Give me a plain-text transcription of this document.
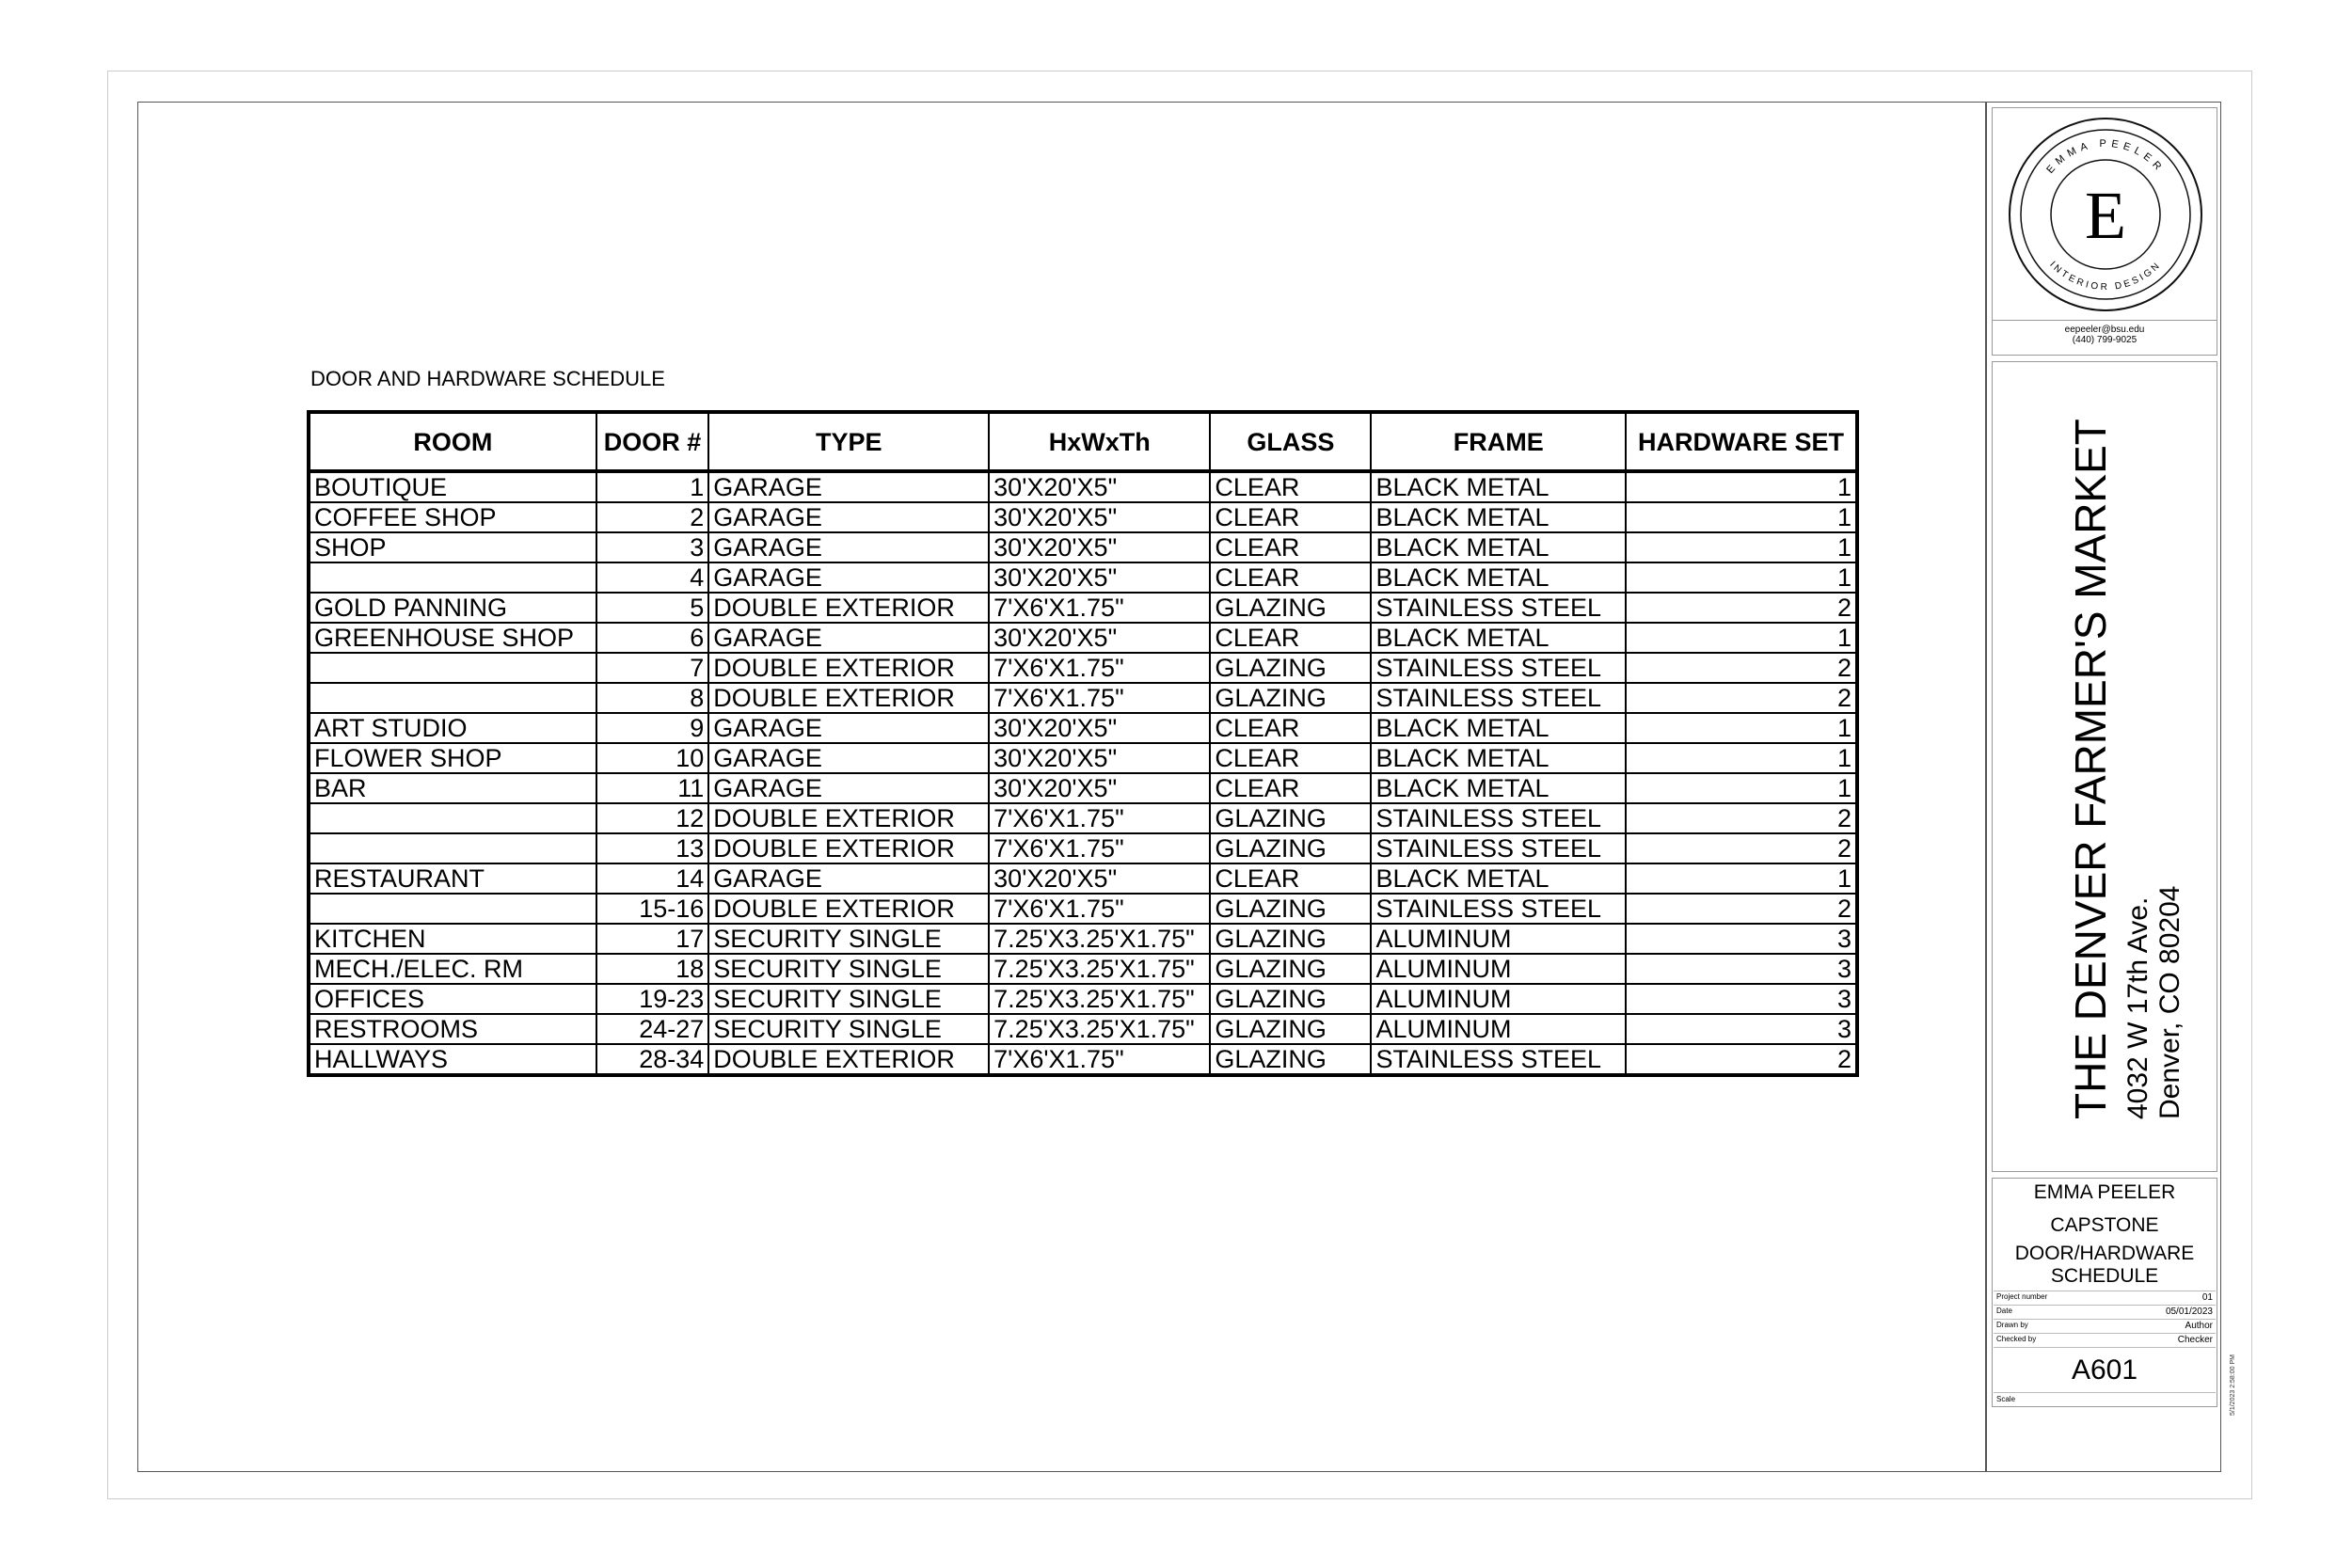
DOOR AND HARDWARE SCHEDULE
ROOM	DOOR #	TYPE	HxWxTh	GLASS	FRAME	HARDWARE SET
BOUTIQUE	1	GARAGE	30'X20'X5"	CLEAR	BLACK METAL	1
COFFEE SHOP	2	GARAGE	30'X20'X5"	CLEAR	BLACK METAL	1
SHOP	3	GARAGE	30'X20'X5"	CLEAR	BLACK METAL	1
	4	GARAGE	30'X20'X5"	CLEAR	BLACK METAL	1
GOLD PANNING	5	DOUBLE EXTERIOR	7'X6'X1.75"	GLAZING	STAINLESS STEEL	2
GREENHOUSE SHOP	6	GARAGE	30'X20'X5"	CLEAR	BLACK METAL	1
	7	DOUBLE EXTERIOR	7'X6'X1.75"	GLAZING	STAINLESS STEEL	2
	8	DOUBLE EXTERIOR	7'X6'X1.75"	GLAZING	STAINLESS STEEL	2
ART STUDIO	9	GARAGE	30'X20'X5"	CLEAR	BLACK METAL	1
FLOWER SHOP	10	GARAGE	30'X20'X5"	CLEAR	BLACK METAL	1
BAR	11	GARAGE	30'X20'X5"	CLEAR	BLACK METAL	1
	12	DOUBLE EXTERIOR	7'X6'X1.75"	GLAZING	STAINLESS STEEL	2
	13	DOUBLE EXTERIOR	7'X6'X1.75"	GLAZING	STAINLESS STEEL	2
RESTAURANT	14	GARAGE	30'X20'X5"	CLEAR	BLACK METAL	1
	15-16	DOUBLE EXTERIOR	7'X6'X1.75"	GLAZING	STAINLESS STEEL	2
KITCHEN	17	SECURITY SINGLE	7.25'X3.25'X1.75"	GLAZING	ALUMINUM	3
MECH./ELEC. RM	18	SECURITY SINGLE	7.25'X3.25'X1.75"	GLAZING	ALUMINUM	3
OFFICES	19-23	SECURITY SINGLE	7.25'X3.25'X1.75"	GLAZING	ALUMINUM	3
RESTROOMS	24-27	SECURITY SINGLE	7.25'X3.25'X1.75"	GLAZING	ALUMINUM	3
HALLWAYS	28-34	DOUBLE EXTERIOR	7'X6'X1.75"	GLAZING	STAINLESS STEEL	2
EMMA PEELER
INTERIOR DESIGN
E
eepeeler@bsu.edu
(440) 799-9025
THE DENVER FARMER'S MARKET 4032 W 17th Ave. Denver, CO 80204
EMMA PEELER
CAPSTONE
DOOR/HARDWARE SCHEDULE
Project number	01
Date	05/01/2023
Drawn by	Author
Checked by	Checker
A601
Scale	5/1/2023 2:58:00 PM
